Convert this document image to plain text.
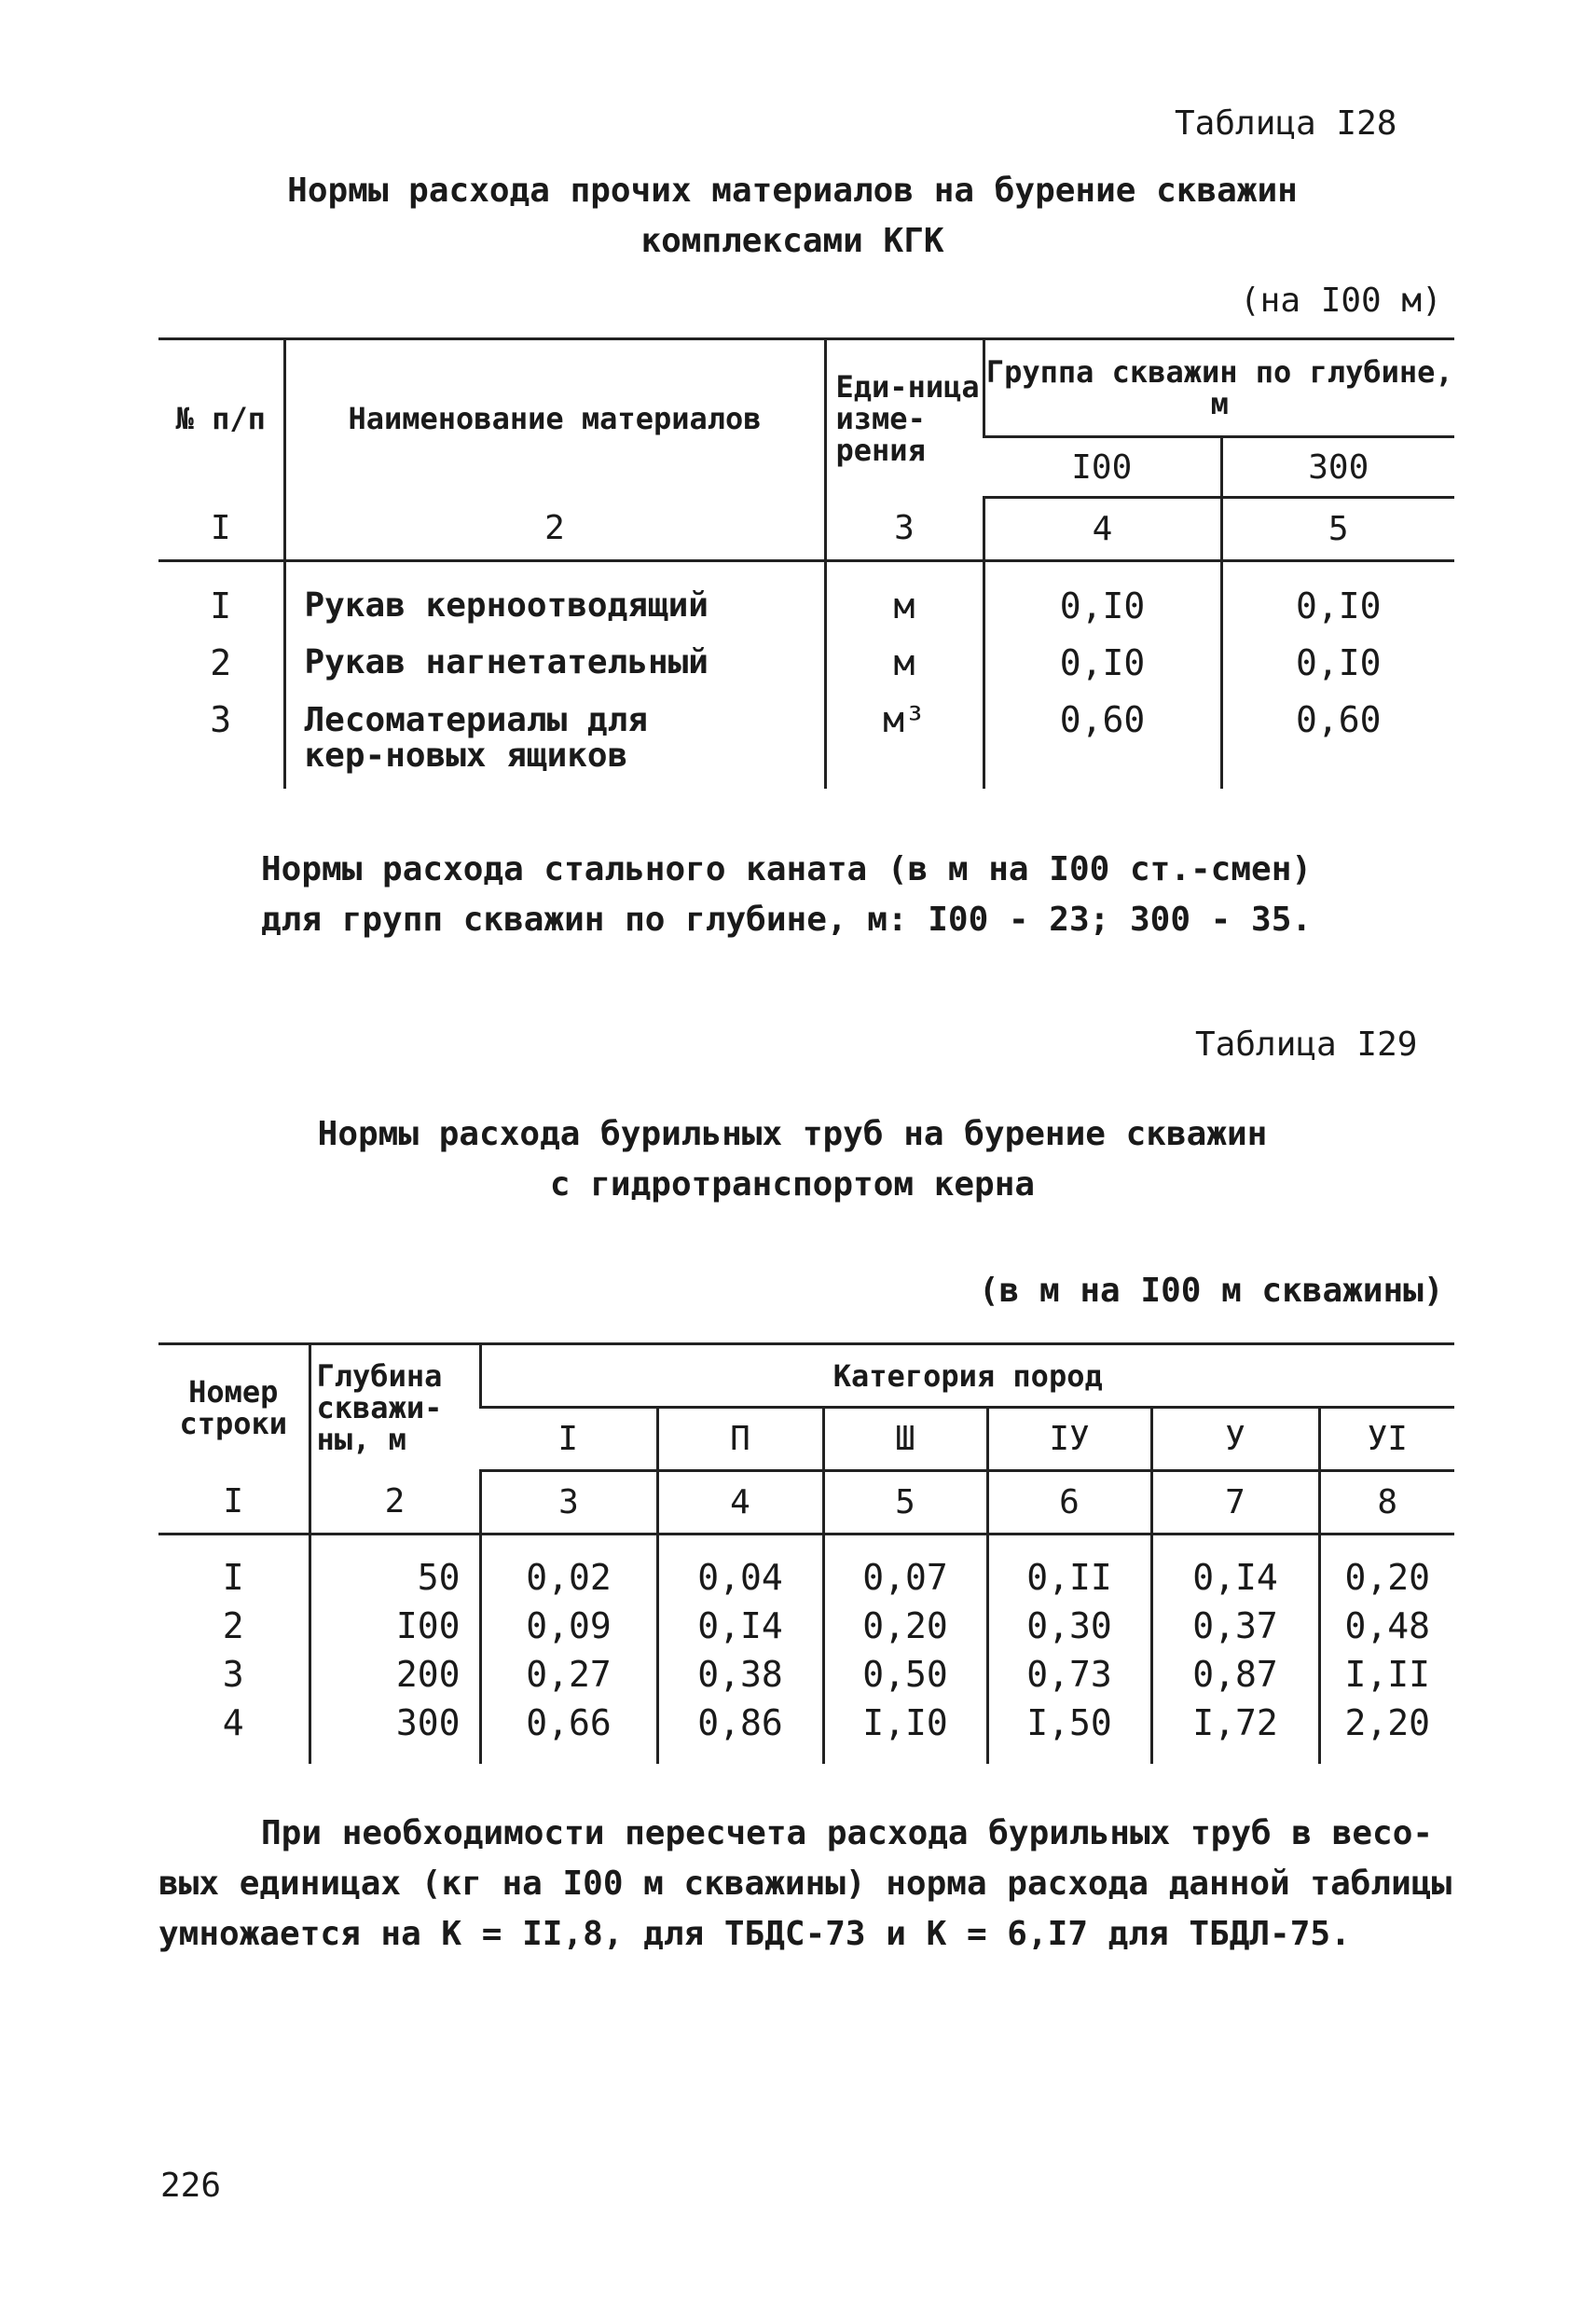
Таблица I28
Нормы расхода прочих материалов на бурение скважин
комплексами КГК
(на I00 м)
№ п/п	Наименование материалов	Еди-ница изме-рения	Группа скважин по глубине, м	
			I00	300
I	2	3	4	5

I	Рукав керноотводящий	м	0,I0	0,I0
2	Рукав нагнетательный	м	0,I0	0,I0
3	Лесоматериалы для кер-новых ящиков	м³	0,60	0,60
Нормы расхода стального каната (в м на I00 ст.-смен)
для групп скважин по глубине, м: I00 - 23; 300 - 35.
Таблица I29
Нормы расхода бурильных труб на бурение скважин
с гидротранспортом керна
(в м на I00 м скважины)
Номер строки	Глубина скважи-ны, м	Категория пород					
		I	П	Ш	IУ	У	УI
I	2	3	4	5	6	7	8

I	50	0,02	0,04	0,07	0,II	0,I4	0,20
2	I00	0,09	0,I4	0,20	0,30	0,37	0,48
3	200	0,27	0,38	0,50	0,73	0,87	I,II
4	300	0,66	0,86	I,I0	I,50	I,72	2,20
При необходимости пересчета расхода бурильных труб в весо-
вых единицах (кг на I00 м скважины) норма расхода данной таблицы
умножается на К = II,8, для ТБДС-73 и К = 6,I7 для ТБДЛ-75.
226
